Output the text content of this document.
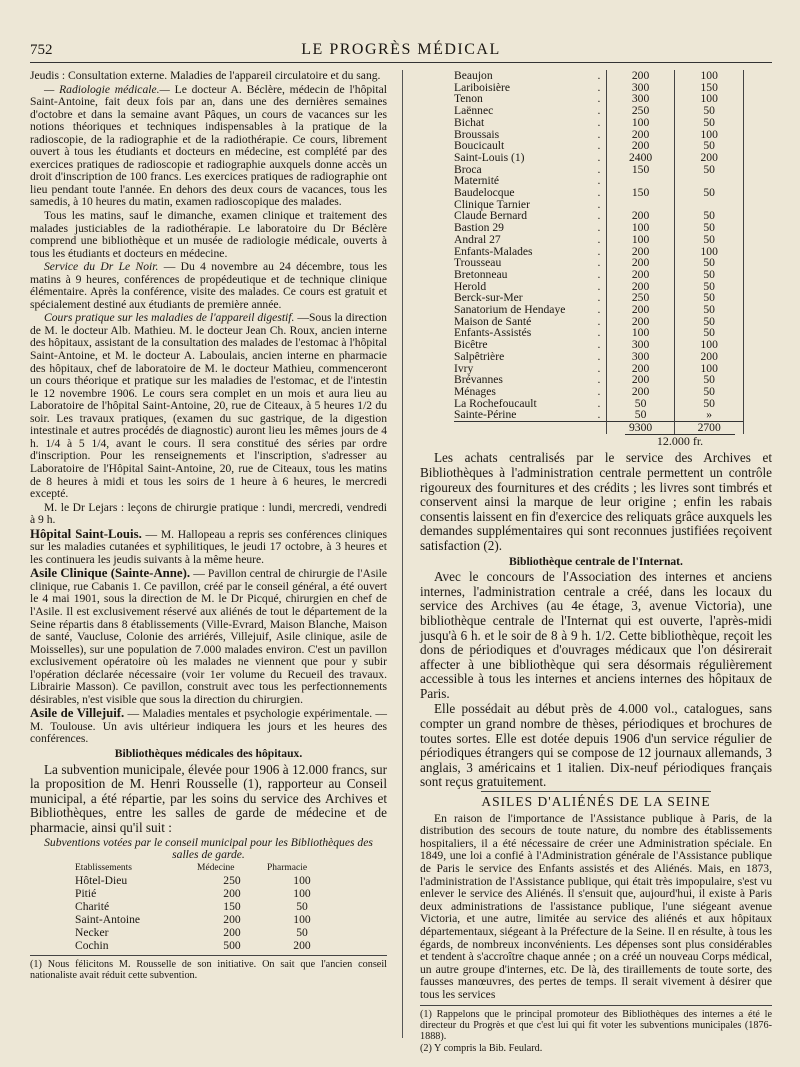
752	LE PROGRÈS MÉDICAL

Jeudis : Consultation externe. Maladies de l'appareil circulatoire et du sang.

— Radiologie médicale.— Le docteur A. Béclère, médecin de l'hôpital Saint-Antoine, fait deux fois par an, dans une des dernières semaines d'octobre et dans la semaine avant Pâques, un cours de vacances sur les notions théoriques et techniques indispensables à la pratique de la radioscopie, de la radiographie et de la radiothérapie. Ce cours, librement ouvert à tous les étudiants et docteurs en médecine, est complété par des exercices pratiques de radioscopie et radiographie auxquels donne accès un droit d'inscription de 100 francs. Les exercices pratiques de radiographie ont lieu pendant toute l'année. En dehors des deux cours de vacances, tous les samedis, à 10 heures du matin, examen radioscopique des malades.

Tous les matins, sauf le dimanche, examen clinique et traitement des malades justiciables de la radiothérapie. Le laboratoire du Dr Béclère comprend une bibliothèque et un musée de radiologie médicale, ouverts à tous les étudiants et docteurs en médecine.

Service du Dr Le Noir. — Du 4 novembre au 24 décembre, tous les matins à 9 heures, conférences de propédeutique et de technique clinique élémentaire. Après la conférence, visite des malades. Ce cours est gratuit et spécialement destiné aux étudiants de première année.

Cours pratique sur les maladies de l'appareil digestif. —Sous la direction de M. le docteur Alb. Mathieu. M. le docteur Jean Ch. Roux, ancien interne des hôpitaux, assistant de la consultation des malades de l'estomac à l'hôpital Saint-Antoine, et M. le docteur A. Laboulais, ancien interne en pharmacie des hôpitaux, chef de laboratoire de M. le docteur Mathieu, commenceront un cours théorique et pratique sur les maladies de l'estomac, et de l'intestin le 12 novembre 1906. Le cours sera complet en un mois et aura lieu au Laboratoire de l'hôpital Saint-Antoine, 20, rue de Citeaux, à 5 heures 1/2 du soir. Les travaux pratiques, (examen du suc gastrique, de la digestion intestinale et autres procédés de diagnostic) auront lieu les mêmes jours de 4 h. 1/4 à 5 1/4, avant le cours. Il sera constitué des séries par ordre d'inscription. Pour les renseignements et l'inscription, s'adresser au Laboratoire de l'Hôpital Saint-Antoine, 20, rue de Citeaux, tous les matins de 8 heures à midi et tous les soirs de 1 heure à 6 heures, le mercredi excepté.

M. le Dr Lejars : leçons de chirurgie pratique : lundi, mercredi, vendredi à 9 h.

Hôpital Saint-Louis. — M. Hallopeau a repris ses conférences cliniques sur les maladies cutanées et syphilitiques, le jeudi 17 octobre, à 3 heures et les continuera les jeudis suivants à la même heure.

Asile Clinique (Sainte-Anne). — Pavillon central de chirurgie de l'Asile clinique, rue Cabanis 1. Ce pavillon, créé par le conseil général, a été ouvert le 4 mai 1901, sous la direction de M. le Dr Picqué, chirurgien en chef de l'Asile. Il est exclusivement réservé aux aliénés de tout le département de la Seine répartis dans 8 établissements (Ville-Evrard, Maison Blanche, Maison de santé, Vaucluse, Colonie des arriérés, Villejuif, Asile clinique, asile de Moisselles), sur une population de 7.000 malades environ. C'est un pavillon exclusivement opératoire où les malades ne viennent que pour y subir l'opération déclarée nécessaire (voir 1er volume du Recueil des travaux. Librairie Masson). Ce pavillon, construit avec tous les perfectionnements désirables, n'est visible que sous la direction du chirurgien.

Asile de Villejuif. — Maladies mentales et psychologie expérimentale. — M. Toulouse. Un avis ultérieur indiquera les jours et les heures des conférences.

Bibliothèques médicales des hôpitaux.

La subvention municipale, élevée pour 1906 à 12.000 francs, sur la proposition de M. Henri Rousselle (1), rapporteur au Conseil municipal, a été répartie, par les soins du service des Archives et Bibliothèques, entre les salles de garde de médecine et de pharmacie, ainsi qu'il suit :

Subventions votées par le conseil municipal pour les Bibliothèques des salles de garde.

Etablissements	Médecine	Pharmacie
Hôtel-Dieu	250	100
Pitié	200	100
Charité	150	50
Saint-Antoine	200	100
Necker	200	50
Cochin	500	200

(1) Nous félicitons M. Rousselle de son initiative. On sait que l'ancien conseil nationaliste avait réduit cette subvention.

Beaujon	.	200	100
Lariboisière	.	300	150
Tenon	.	300	100
Laënnec	.	250	50
Bichat	.	100	50
Broussais	.	200	100
Boucicault	.	200	50
Saint-Louis (1)	.	2400	200
Broca	.	150	50
Maternité	.		
Baudelocque	.	150	50
Clinique Tarnier	.		
Claude Bernard	.	200	50
Bastion 29	.	100	50
Andral 27	.	100	50
Enfants-Malades	.	200	100
Trousseau	.	200	50
Bretonneau	.	200	50
Herold	.	200	50
Berck-sur-Mer	.	250	50
Sanatorium de Hendaye	.	200	50
Maison de Santé	.	200	50
Enfants-Assistés	.	100	50
Bicêtre	.	300	100
Salpêtrière	.	300	200
Ivry	.	200	100
Brévannes	.	200	50
Ménages	.	200	50
La Rochefoucault	.	50	50
Sainte-Périne	.	50	»
		9300	2700
12.000 fr.

Les achats centralisés par le service des Archives et Bibliothèques à l'administration centrale permettent un contrôle rigoureux des fournitures et des crédits ; les livres sont timbrés et conservent ainsi la marque de leur origine ; enfin les rabais consentis laissent en fin d'exercice des reliquats grâce auxquels les demandes supplémentaires qui sont reconnues justifiées reçoivent satisfaction (2).

Bibliothèque centrale de l'Internat.

Avec le concours de l'Association des internes et anciens internes, l'administration centrale a créé, dans les locaux du service des Archives (au 4e étage, 3, avenue Victoria), une bibliothèque centrale de l'Internat qui est ouverte, l'après-midi jusqu'à 6 h. et le soir de 8 à 9 h. 1/2. Cette bibliothèque, reçoit les dons de périodiques et d'ouvrages médicaux que l'on désirerait affecter à une bibliothèque qui sera désormais régulièrement accessible à tous les internes et anciens internes des hôpitaux de Paris.

Elle possédait au début près de 4.000 vol., catalogues, sans compter un grand nombre de thèses, périodiques et brochures de toutes sortes. Elle est dotée depuis 1906 d'un service régulier de périodiques étrangers qui se compose de 12 journaux allemands, 3 anglais, 3 américains et 1 italien. Dix-neuf périodiques français sont reçus gratuitement.

ASILES D'ALIÉNÉS DE LA SEINE

En raison de l'importance de l'Assistance publique à Paris, de la distribution des secours de toute nature, du nombre des établissements hospitaliers, il a été nécessaire de créer une Administration spéciale. En 1849, une loi a confié à l'Administration générale de l'Assistance publique de Paris le service des Enfants assistés et des Aliénés. Mais, en 1873, l'administration de l'Assistance publique, qui était très impopulaire, s'est vu enlever le service des Aliénés. Il s'ensuit que, aujourd'hui, il existe à Paris deux administrations de l'assistance publique, l'une siégeant avenue Victoria, et une autre, limitée au service des aliénés et aux hôpitaux départementaux, siégeant à la Préfecture de la Seine. Il en résulte, à tous les égards, de nombreux inconvénients. Les dépenses sont plus considérables et tendent à s'accroître chaque année ; on a créé un nouveau Corps médical, un autre groupe d'internes, etc. De là, des tiraillements de toute sorte, des fausses manœuvres, des pertes de temps. Il serait vivement à désirer que tous les services

(1) Rappelons que le principal promoteur des Bibliothèques des internes a été le directeur du Progrès et que c'est lui qui fit voter les subventions municipales (1876-1888).

(2) Y compris la Bib. Feulard.
